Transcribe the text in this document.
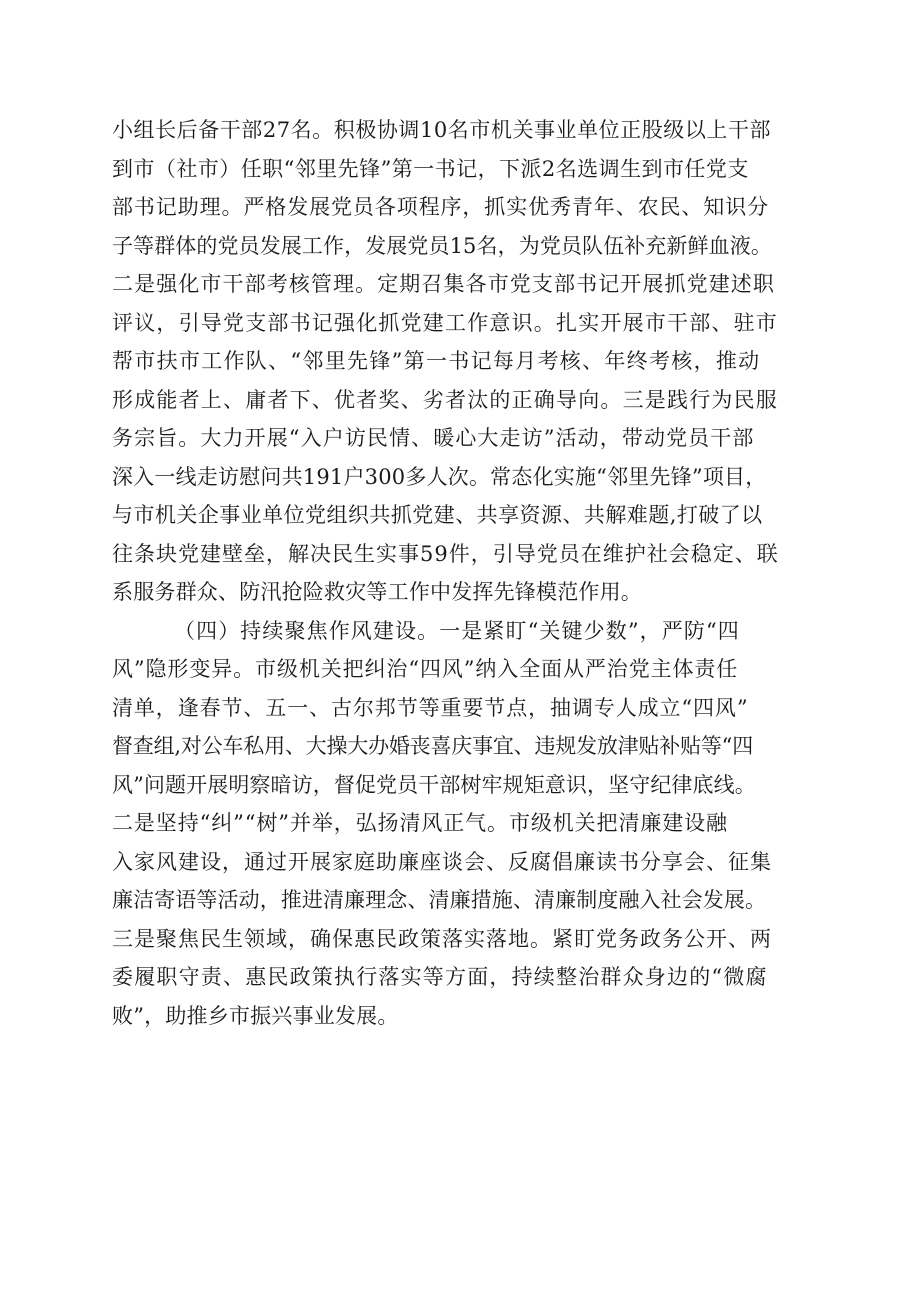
小组长后备干部27名。积极协调10名市机关事业单位正股级以上干部
到市（社市）任职“邻里先锋”第一书记，下派2名选调生到市任党支
部书记助理。严格发展党员各项程序，抓实优秀青年、农民、知识分
子等群体的党员发展工作，发展党员15名，为党员队伍补充新鲜血液。
二是强化市干部考核管理。定期召集各市党支部书记开展抓党建述职
评议，引导党支部书记强化抓党建工作意识。扎实开展市干部、驻市
帮市扶市工作队、“邻里先锋”第一书记每月考核、年终考核，推动
形成能者上、庸者下、优者奖、劣者汰的正确导向。三是践行为民服
务宗旨。大力开展“入户访民情、暖心大走访”活动，带动党员干部
深入一线走访慰问共191户300多人次。常态化实施“邻里先锋”项目，
与市机关企事业单位党组织共抓党建、共享资源、共解难题,打破了以
往条块党建壁垒，解决民生实事59件，引导党员在维护社会稳定、联
系服务群众、防汛抢险救灾等工作中发挥先锋模范作用。
（四）持续聚焦作风建设。一是紧盯“关键少数”，严防“四
风”隐形变异。市级机关把纠治“四风”纳入全面从严治党主体责任
清单，逢春节、五一、古尔邦节等重要节点，抽调专人成立“四风”
督查组,对公车私用、大操大办婚丧喜庆事宜、违规发放津贴补贴等“四
风”问题开展明察暗访，督促党员干部树牢规矩意识，坚守纪律底线。
二是坚持“纠”“树”并举，弘扬清风正气。市级机关把清廉建设融
入家风建设，通过开展家庭助廉座谈会、反腐倡廉读书分享会、征集
廉洁寄语等活动，推进清廉理念、清廉措施、清廉制度融入社会发展。
三是聚焦民生领域，确保惠民政策落实落地。紧盯党务政务公开、两
委履职守责、惠民政策执行落实等方面，持续整治群众身边的“微腐
败”，助推乡市振兴事业发展。
